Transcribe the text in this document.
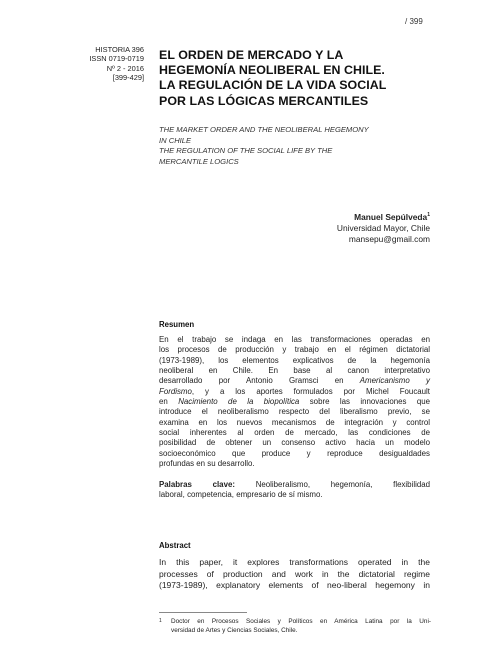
/ 399
HISTORIA 396
ISSN 0719-0719
Nº 2 - 2016
[399-429]
EL ORDEN DE MERCADO Y LA
HEGEMONÍA NEOLIBERAL EN CHILE.
LA REGULACIÓN DE LA VIDA SOCIAL
POR LAS LÓGICAS MERCANTILES
THE MARKET ORDER AND THE NEOLIBERAL HEGEMONY
IN CHILE
THE REGULATION OF THE SOCIAL LIFE BY THE
MERCANTILE LOGICS
Manuel Sepúlveda$^1$
Universidad Mayor, Chile
mansepu@gmail.com
Resumen
En el trabajo se indaga en las transformaciones operadas en
los procesos de producción y trabajo en el régimen dictatorial
(1973-1989), los elementos explicativos de la hegemonía
neoliberal en Chile. En base al canon interpretativo
desarrollado por Antonio Gramsci en Americanismo y
Fordismo, y a los aportes formulados por Michel Foucault
en Nacimiento de la biopolítica sobre las innovaciones que
introduce el neoliberalismo respecto del liberalismo previo, se
examina en los nuevos mecanismos de integración y control
social inherentes al orden de mercado, las condiciones de
posibilidad de obtener un consenso activo hacia un modelo
socioeconómico que produce y reproduce desigualdades
profundas en su desarrollo.
Palabras clave: Neoliberalismo, hegemonía, flexibilidad
laboral, competencia, empresario de sí mismo.
Abstract
In this paper, it explores transformations operated in the
processes of production and work in the dictatorial regime
(1973-1989), explanatory elements of neo-liberal hegemony in
1	Doctor en Procesos Sociales y Políticos en América Latina por la Uni-
versidad de Artes y Ciencias Sociales, Chile.
